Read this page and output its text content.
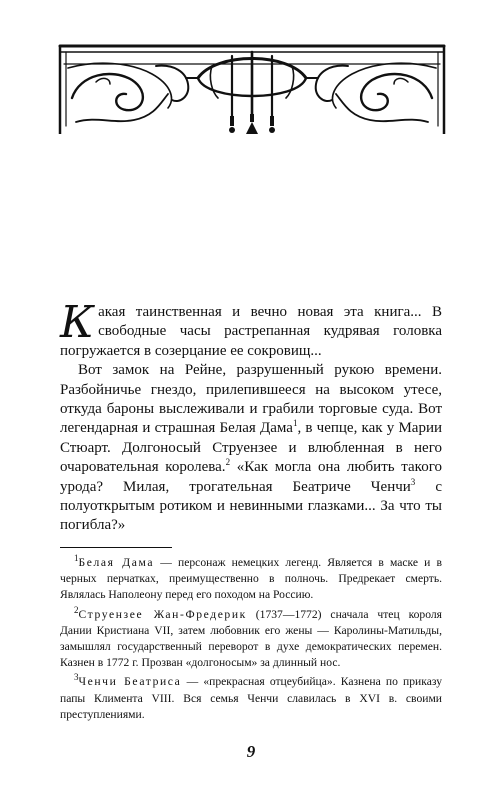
Какая таинственная и вечно новая эта книга... В свободные часы растрепанная кудрявая головка погружается в созерцание ее сокровищ...

Вот замок на Рейне, разрушенный рукою времени. Разбойничье гнездо, прилепившееся на высоком утесе, откуда бароны выслеживали и грабили торговые суда. Вот легендарная и страшная Белая Дама$^1$, в чепце, как у Марии Стюарт. Долгоносый Струензее и влюбленная в него очаровательная королева.$^2$ «Как могла она любить такого урода? Милая, трогательная Беатриче Ченчи$^3$ с полуоткрытым ротиком и невинными глазками... За что ты погибла?»

$^1$Белая Дама — персонаж немецких легенд. Является в маске и в черных перчатках, преимущественно в полночь. Предрекает смерть. Являлась Наполеону перед его походом на Россию.

$^2$Струензее Жан-Фредерик (1737—1772) сначала чтец короля Дании Кристиана VII, затем любовник его жены — Каролины-Матильды, замышлял государственный переворот в духе демократических перемен. Казнен в 1772 г. Прозван «долгоносым» за длинный нос.

$^3$Ченчи Беатриса — «прекрасная отцеубийца». Казнена по приказу папы Климента VIII. Вся семья Ченчи славилась в XVI в. своими преступлениями.

9
